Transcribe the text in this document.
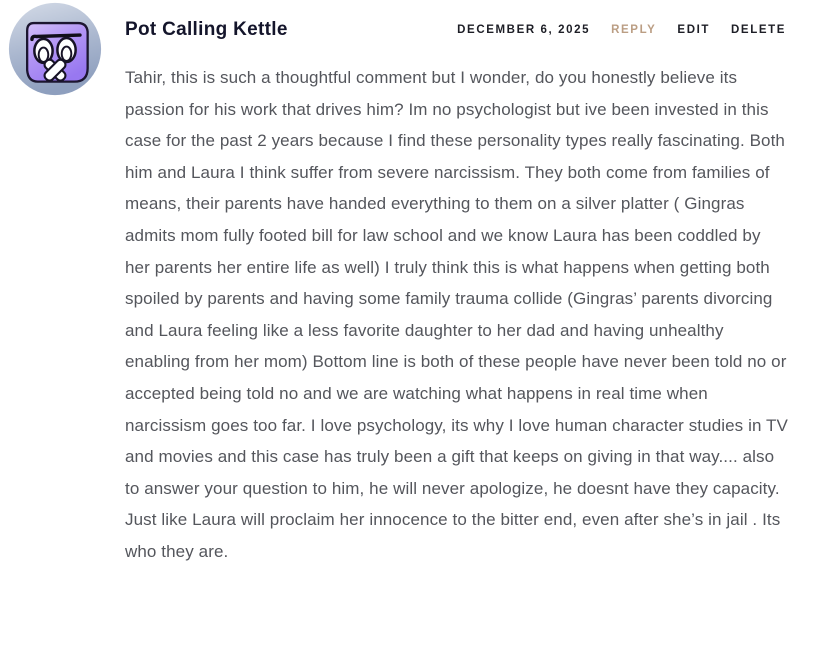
Pot Calling Kettle	DECEMBER 6, 2025 REPLY EDIT DELETE
Tahir, this is such a thoughtful comment but I wonder, do you honestly believe its passion for his work that drives him? Im no psychologist but ive been invested in this case for the past 2 years because I find these personality types really fascinating. Both him and Laura I think suffer from severe narcissism. They both come from families of means, their parents have handed everything to them on a silver platter ( Gingras admits mom fully footed bill for law school and we know Laura has been coddled by her parents her entire life as well) I truly think this is what happens when getting both spoiled by parents and having some family trauma collide (Gingras’ parents divorcing and Laura feeling like a less favorite daughter to her dad and having unhealthy enabling from her mom) Bottom line is both of these people have never been told no or accepted being told no and we are watching what happens in real time when narcissism goes too far. I love psychology, its why I love human character studies in TV and movies and this case has truly been a gift that keeps on giving in that way.... also to answer your question to him, he will never apologize, he doesnt have they capacity. Just like Laura will proclaim her innocence to the bitter end, even after she’s in jail . Its who they are.
